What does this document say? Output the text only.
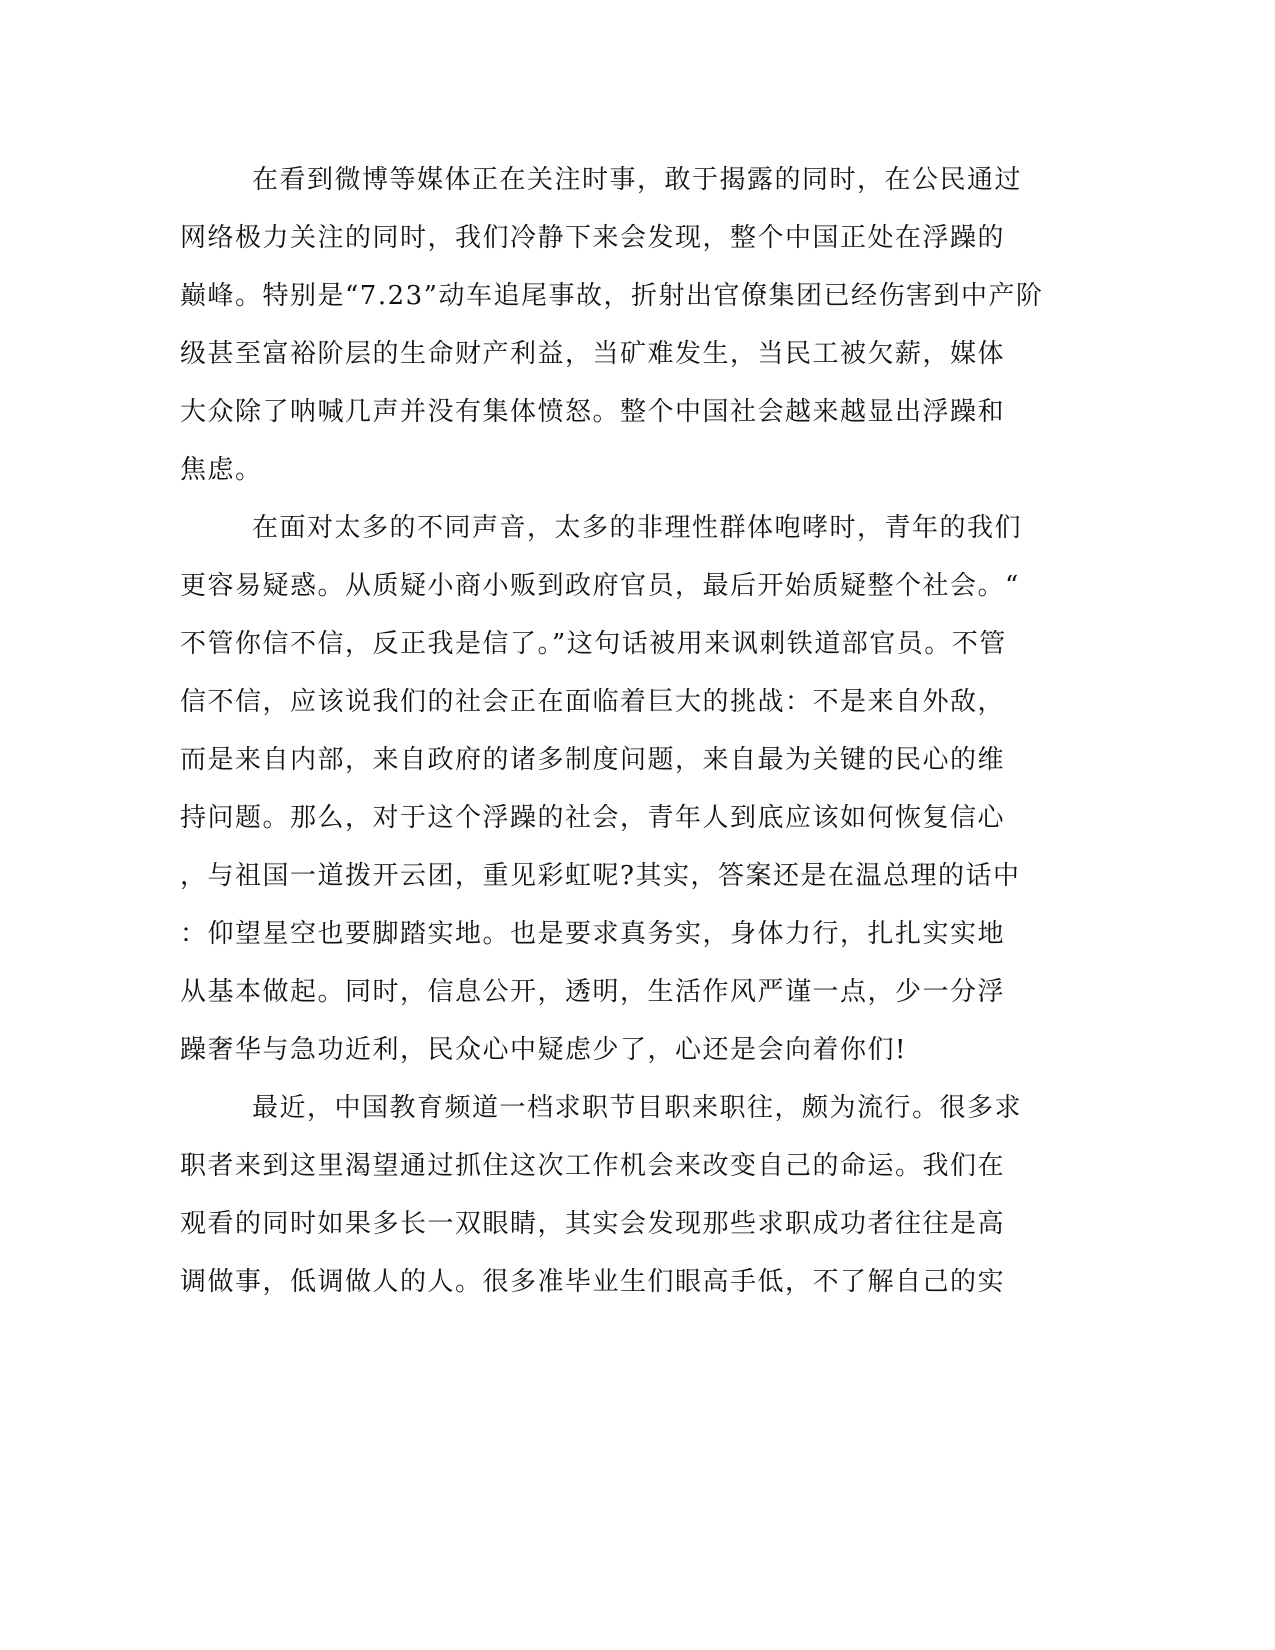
在看到微博等媒体正在关注时事，敢于揭露的同时，在公民通过
网络极力关注的同时，我们冷静下来会发现，整个中国正处在浮躁的
巅峰。特别是“7.23”动车追尾事故，折射出官僚集团已经伤害到中产阶
级甚至富裕阶层的生命财产利益，当矿难发生，当民工被欠薪，媒体
大众除了呐喊几声并没有集体愤怒。整个中国社会越来越显出浮躁和
焦虑。
在面对太多的不同声音，太多的非理性群体咆哮时，青年的我们
更容易疑惑。从质疑小商小贩到政府官员，最后开始质疑整个社会。“
不管你信不信，反正我是信了。”这句话被用来讽刺铁道部官员。不管
信不信，应该说我们的社会正在面临着巨大的挑战：不是来自外敌，
而是来自内部，来自政府的诸多制度问题，来自最为关键的民心的维
持问题。那么，对于这个浮躁的社会，青年人到底应该如何恢复信心
，与祖国一道拨开云团，重见彩虹呢?其实，答案还是在温总理的话中
：仰望星空也要脚踏实地。也是要求真务实，身体力行，扎扎实实地
从基本做起。同时，信息公开，透明，生活作风严谨一点，少一分浮
躁奢华与急功近利，民众心中疑虑少了，心还是会向着你们!
最近，中国教育频道一档求职节目职来职往，颇为流行。很多求
职者来到这里渴望通过抓住这次工作机会来改变自己的命运。我们在
观看的同时如果多长一双眼睛，其实会发现那些求职成功者往往是高
调做事，低调做人的人。很多准毕业生们眼高手低，不了解自己的实
